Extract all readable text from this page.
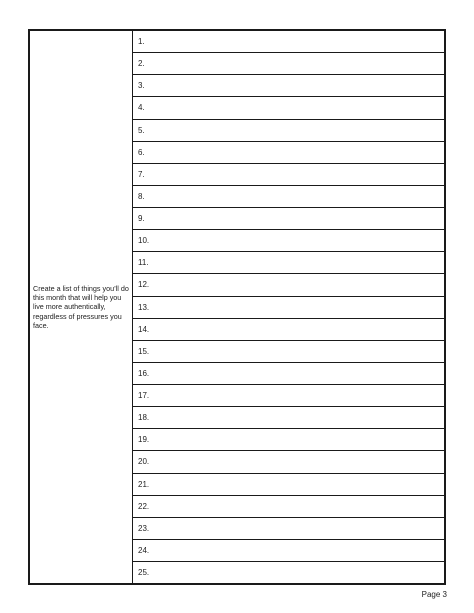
Create a list of things you’ll do this month that will help you live more authentically, regardless of pressures you face.
1.
2.
3.
4.
5.
6.
7.
8.
9.
10.
11.
12.
13.
14.
15.
16.
17.
18.
19.
20.
21.
22.
23.
24.
25.
Page 3
